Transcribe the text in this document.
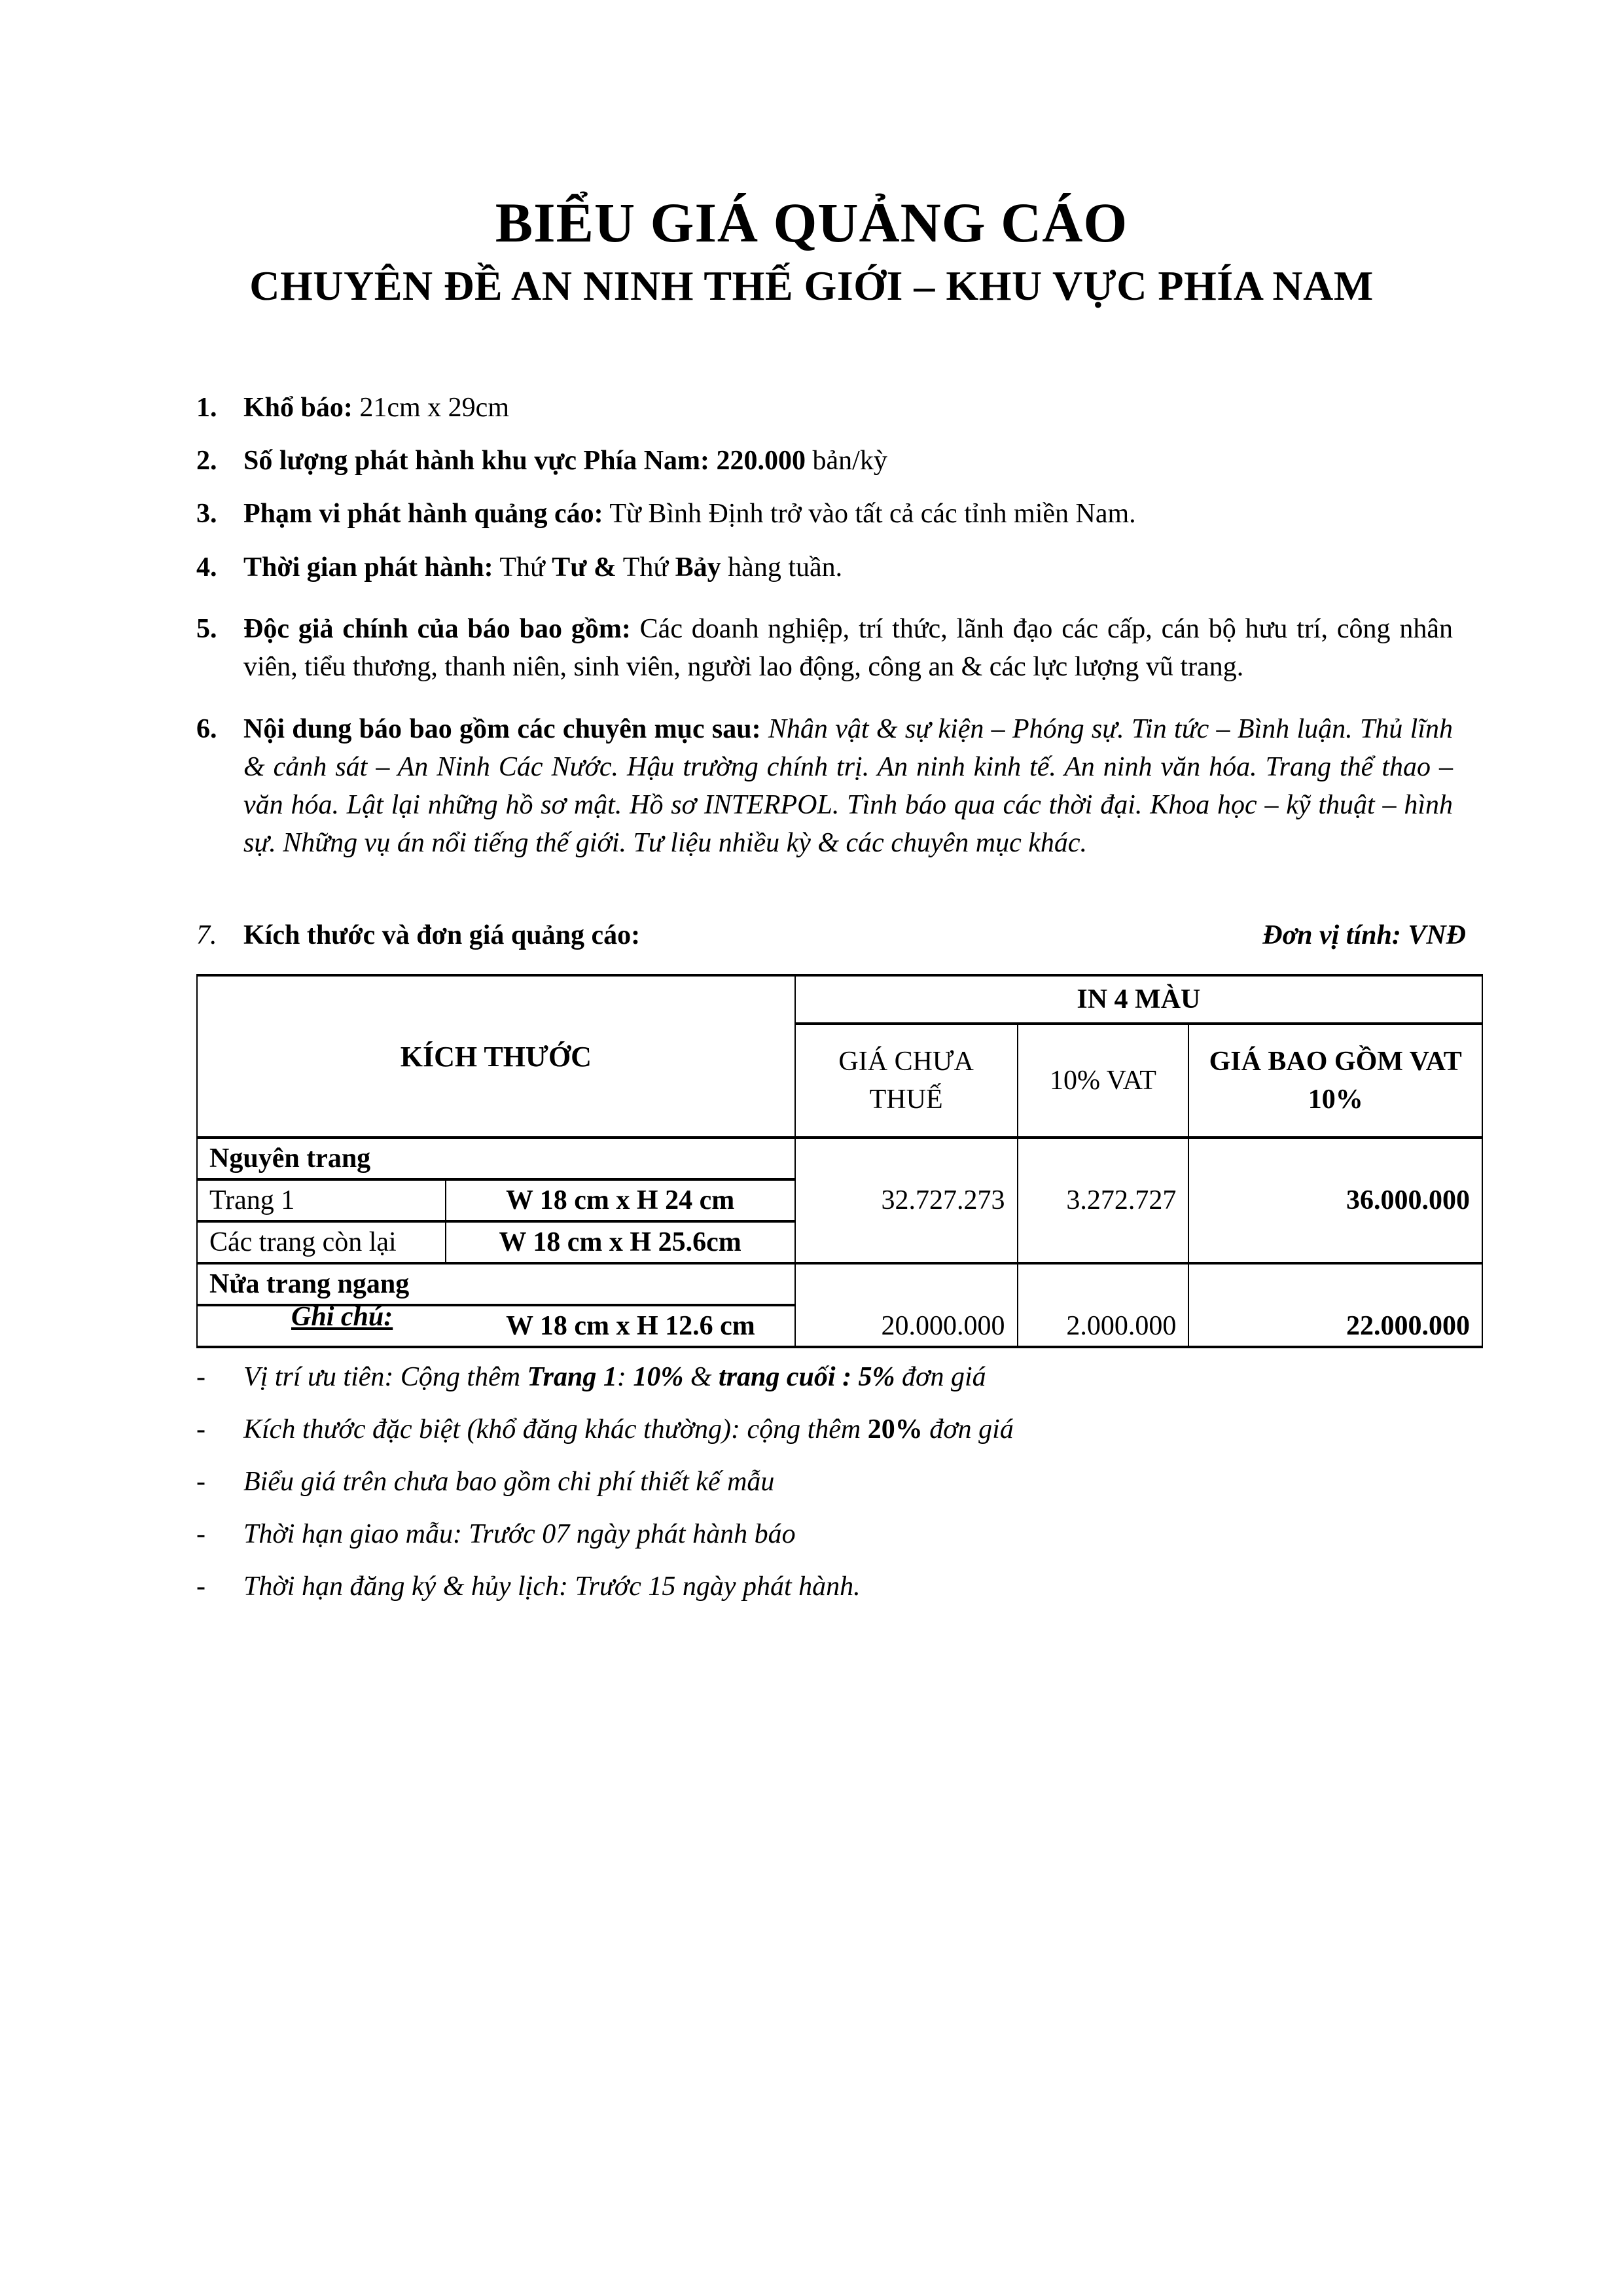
BIỂU GIÁ QUẢNG CÁO
CHUYÊN ĐỀ AN NINH THẾ GIỚI – KHU VỰC PHÍA NAM
1. Khổ báo: 21cm x 29cm
2. Số lượng phát hành khu vực Phía Nam: 220.000 bản/kỳ
3. Phạm vi phát hành quảng cáo: Từ Bình Định trở vào tất cả các tỉnh miền Nam.
4. Thời gian phát hành: Thứ Tư & Thứ Bảy hàng tuần.
5. Độc giả chính của báo bao gồm: Các doanh nghiệp, trí thức, lãnh đạo các cấp, cán bộ hưu trí, công nhân viên, tiểu thương, thanh niên, sinh viên, người lao động, công an & các lực lượng vũ trang.
6. Nội dung báo bao gồm các chuyên mục sau: Nhân vật & sự kiện – Phóng sự. Tin tức – Bình luận. Thủ lĩnh & cảnh sát – An Ninh Các Nước. Hậu trường chính trị. An ninh kinh tế. An ninh văn hóa. Trang thể thao – văn hóa. Lật lại những hồ sơ mật. Hồ sơ INTERPOL. Tình báo qua các thời đại. Khoa học – kỹ thuật – hình sự. Những vụ án nổi tiếng thế giới. Tư liệu nhiều kỳ & các chuyên mục khác.
7. Kích thước và đơn giá quảng cáo:	Đơn vị tính: VNĐ
KÍCH THƯỚC		IN 4 MÀU		
		GIÁ CHƯA THUẾ	10% VAT	GIÁ BAO GỒM VAT 10%
Nguyên trang		32.727.273	3.272.727	36.000.000
Trang 1	W 18 cm x H 24 cm			
Các trang còn lại	W 18 cm x H 25.6cm			
Nửa trang ngang		20.000.000	2.000.000	22.000.000
W 18 cm x H 12.6 cm				
Ghi chú:
- Vị trí ưu tiên: Cộng thêm Trang 1: 10% & trang cuối : 5% đơn giá
- Kích thước đặc biệt (khổ đăng khác thường): cộng thêm 20% đơn giá
- Biểu giá trên chưa bao gồm chi phí thiết kế mẫu
- Thời hạn giao mẫu: Trước 07 ngày phát hành báo
- Thời hạn đăng ký & hủy lịch: Trước 15 ngày phát hành.
